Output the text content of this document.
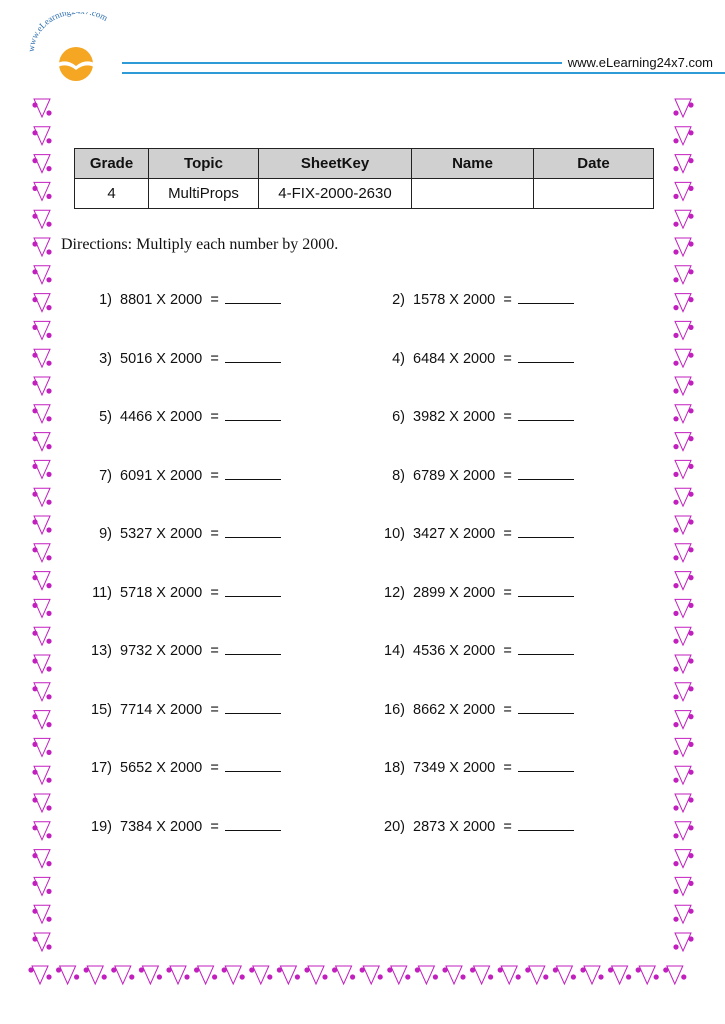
www.eLearnin .com
www.eLearning24x7.com
Grade	Topic	SheetKey	Name	Date
4	MultiProps	4-FIX-2000-2630		
Directions: Multiply each number by 2000.
1) 8801 X 2000 =	2) 1578 X 2000 =
3) 5016 X 2000 =	4) 6484 X 2000 =
5) 4466 X 2000 =	6) 3982 X 2000 =
7) 6091 X 2000 =	8) 6789 X 2000 =
9) 5327 X 2000 =	10) 3427 X 2000 =
11) 5718 X 2000 =	12) 2899 X 2000 =
13) 9732 X 2000 =	14) 4536 X 2000 =
15) 7714 X 2000 =	16) 8662 X 2000 =
17) 5652 X 2000 =	18) 7349 X 2000 =
19) 7384 X 2000 =	20) 2873 X 2000 =
